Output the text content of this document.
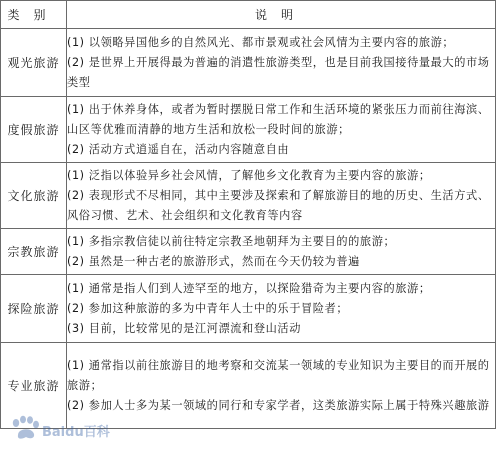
类别	说明
观光旅游	(1) 以领略异国他乡的自然风光、都市景观或社会风情为主要内容的旅游；

(2) 是世界上开展得最为普遍的消遣性旅游类型，也是目前我国接待量最大的市场类型

度假旅游	(1) 出于休养身体，或者为暂时摆脱日常工作和生活环境的紧张压力而前往海滨、山区等优雅而清静的地方生活和放松一段时间的旅游；

(2) 活动方式逍遥自在，活动内容随意自由

文化旅游	(1) 泛指以体验异乡社会风情，了解他乡文化教育为主要内容的旅游；

(2) 表现形式不尽相同，其中主要涉及探索和了解旅游目的地的历史、生活方式、风俗习惯、艺术、社会组织和文化教育等内容

宗教旅游	(1) 多指宗教信徒以前往特定宗教圣地朝拜为主要目的的旅游；

(2) 虽然是一种古老的旅游形式，然而在今天仍较为普遍

探险旅游	(1) 通常是指人们到人迹罕至的地方，以探险猎奇为主要内容的旅游；

(2) 参加这种旅游的多为中青年人士中的乐于冒险者；

(3) 目前，比较常见的是江河漂流和登山活动

专业旅游	(1) 通常指以前往旅游目的地考察和交流某一领域的专业知识为主要目的而开展的旅游；

(2) 参加人士多为某一领域的同行和专家学者，这类旅游实际上属于特殊兴趣旅游

Baidu百科
